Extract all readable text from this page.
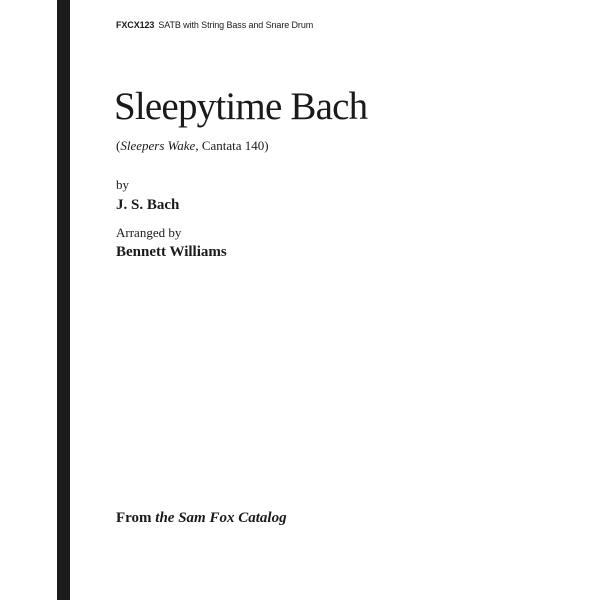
FXCX123 SATB with String Bass and Snare Drum
Sleepytime Bach
(Sleepers Wake, Cantata 140)
by
J. S. Bach
Arranged by
Bennett Williams
From the Sam Fox Catalog
